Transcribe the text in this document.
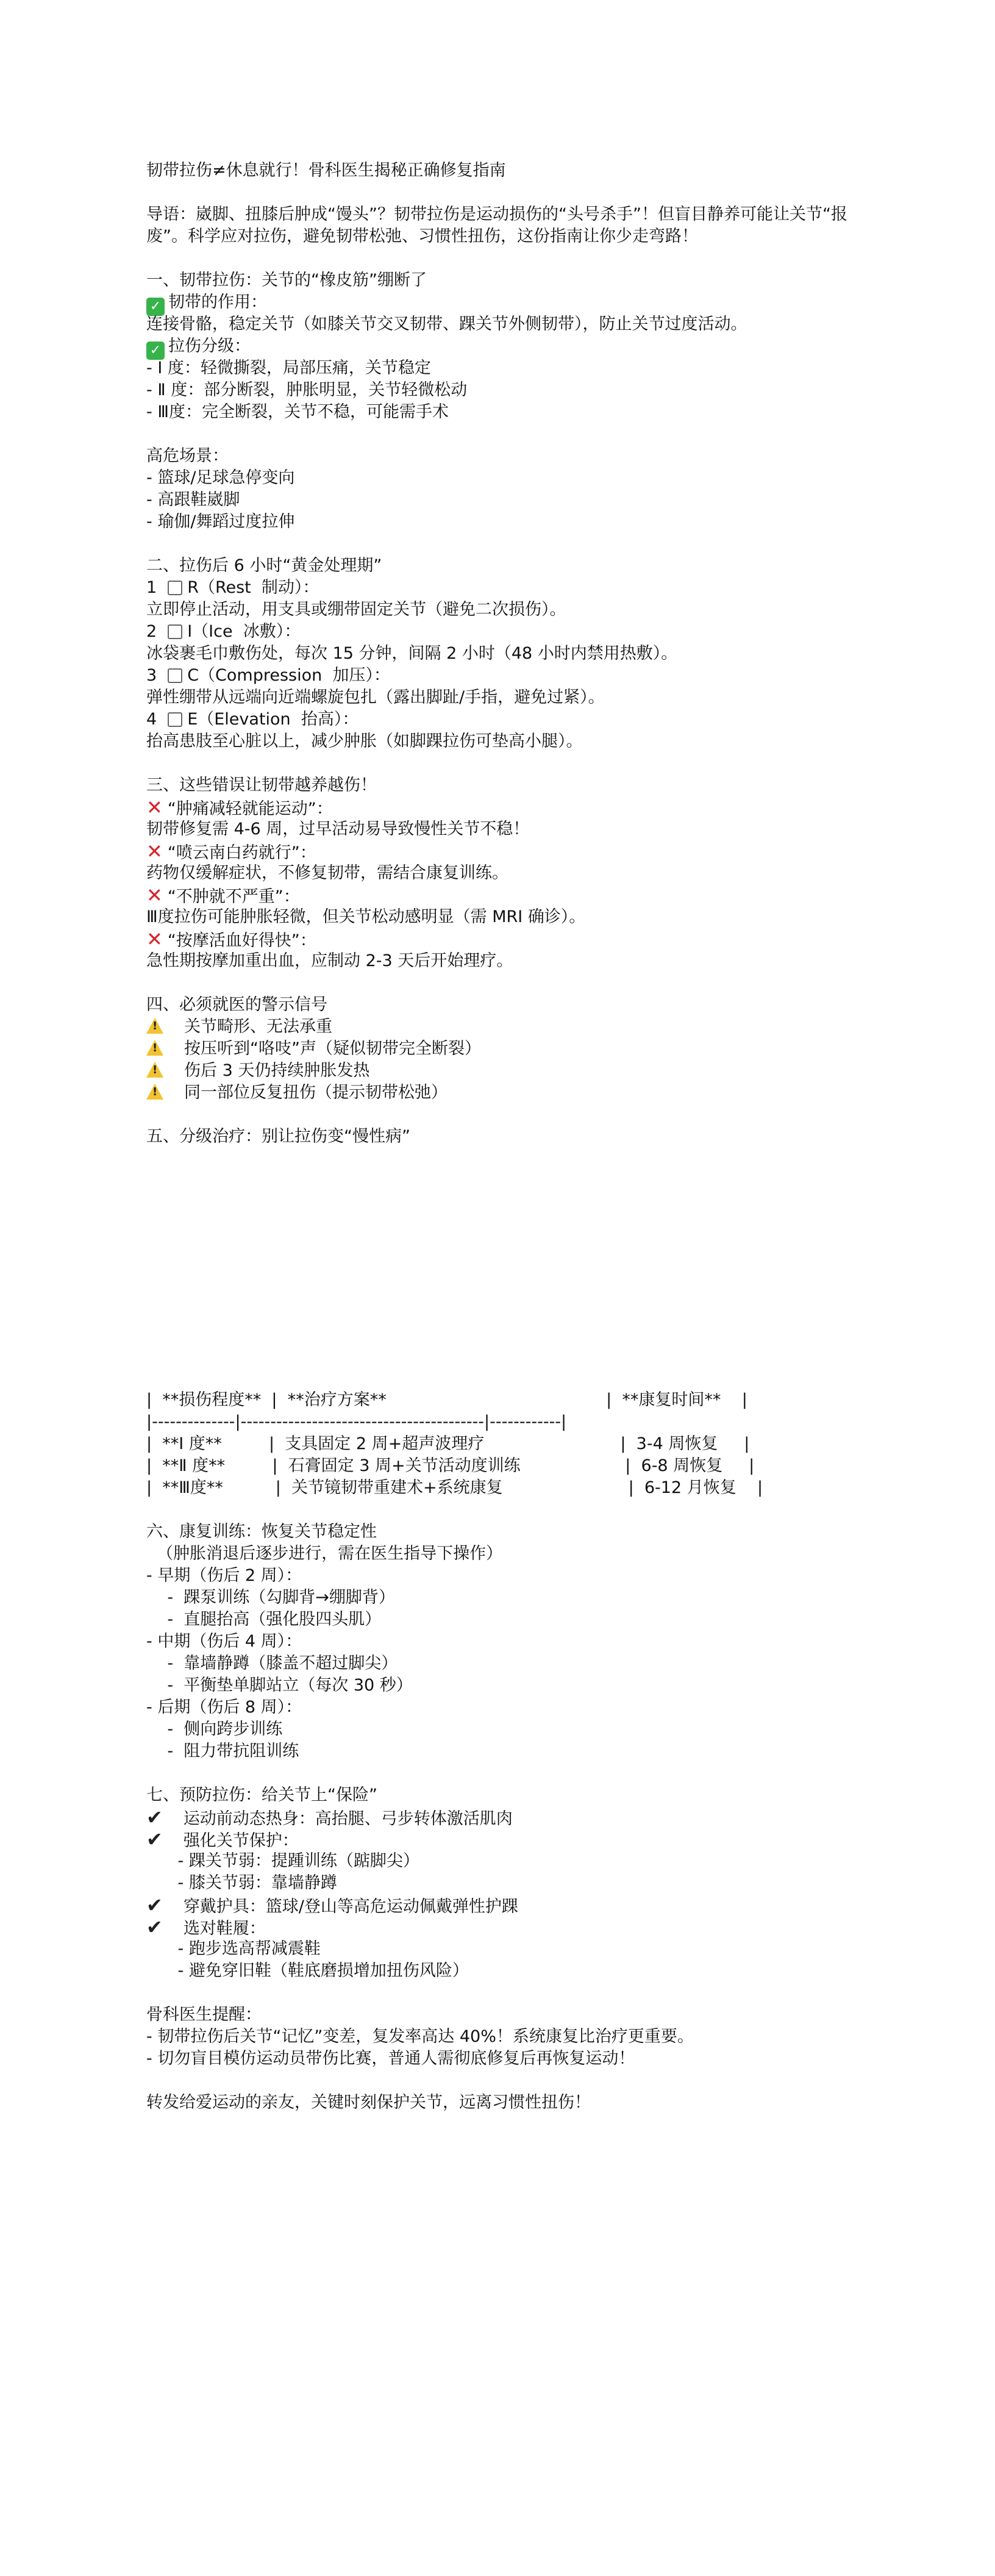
韧带拉伤≠休息就行！骨科医生揭秘正确修复指南
导语：崴脚、扭膝后肿成“馒头”？韧带拉伤是运动损伤的“头号杀手”！但盲目静养可能让关节“报
废”。科学应对拉伤，避免韧带松弛、习惯性扭伤，这份指南让你少走弯路！
一、韧带拉伤：关节的“橡皮筋”绷断了
✓ 韧带的作用：
连接骨骼，稳定关节（如膝关节交叉韧带、踝关节外侧韧带），防止关节过度活动。
✓ 拉伤分级：
- Ⅰ 度：轻微撕裂，局部压痛，关节稳定
- Ⅱ 度：部分断裂，肿胀明显，关节轻微松动
- Ⅲ度：完全断裂，关节不稳，可能需手术
高危场景：
- 篮球/足球急停变向
- 高跟鞋崴脚
- 瑜伽/舞蹈过度拉伸
二、拉伤后 6 小时“黄金处理期”
1 R（Rest  制动）：
立即停止活动，用支具或绷带固定关节（避免二次损伤）。
2 I（Ice  冰敷）：
冰袋裹毛巾敷伤处，每次 15 分钟，间隔 2 小时（48 小时内禁用热敷）。
3 C（Compression  加压）：
弹性绷带从远端向近端螺旋包扎（露出脚趾/手指，避免过紧）。
4 E（Elevation  抬高）：
抬高患肢至心脏以上，减少肿胀（如脚踝拉伤可垫高小腿）。
三、这些错误让韧带越养越伤！
✕ “肿痛减轻就能运动”：
韧带修复需 4-6 周，过早活动易导致慢性关节不稳！
✕ “喷云南白药就行”：
药物仅缓解症状，不修复韧带，需结合康复训练。
✕ “不肿就不严重”：
Ⅲ度拉伤可能肿胀轻微，但关节松动感明显（需 MRI 确诊）。
✕ “按摩活血好得快”：
急性期按摩加重出血，应制动 2-3 天后开始理疗。
四、必须就医的警示信号
!关节畸形、无法承重
!按压听到“咯吱”声（疑似韧带完全断裂）
!伤后 3 天仍持续肿胀发热
!同一部位反复扭伤（提示韧带松弛）
五、分级治疗：别让拉伤变“慢性病”
|  **损伤程度**  |  **治疗方案**                                          |  **康复时间**    |
|--------------|-----------------------------------------|------------|
|  **Ⅰ 度**         |  支具固定 2 周+超声波理疗                          |  3-4 周恢复     |
|  **Ⅱ 度**         |  石膏固定 3 周+关节活动度训练                    |  6-8 周恢复     |
|  **Ⅲ度**          |  关节镜韧带重建术+系统康复                        |  6-12 月恢复    |
六、康复训练：恢复关节稳定性
（肿胀消退后逐步进行，需在医生指导下操作）
- 早期（伤后 2 周）：
-  踝泵训练（勾脚背→绷脚背）
-  直腿抬高（强化股四头肌）
- 中期（伤后 4 周）：
-  靠墙静蹲（膝盖不超过脚尖）
-  平衡垫单脚站立（每次 30 秒）
- 后期（伤后 8 周）：
-  侧向跨步训练
-  阻力带抗阻训练
七、预防拉伤：给关节上“保险”
✔ 运动前动态热身：高抬腿、弓步转体激活肌肉
✔ 强化关节保护：
- 踝关节弱：提踵训练（踮脚尖）
- 膝关节弱：靠墙静蹲
✔ 穿戴护具：篮球/登山等高危运动佩戴弹性护踝
✔ 选对鞋履：
- 跑步选高帮减震鞋
- 避免穿旧鞋（鞋底磨损增加扭伤风险）
骨科医生提醒：
- 韧带拉伤后关节“记忆”变差，复发率高达 40%！系统康复比治疗更重要。
- 切勿盲目模仿运动员带伤比赛，普通人需彻底修复后再恢复运动！
转发给爱运动的亲友，关键时刻保护关节，远离习惯性扭伤！
